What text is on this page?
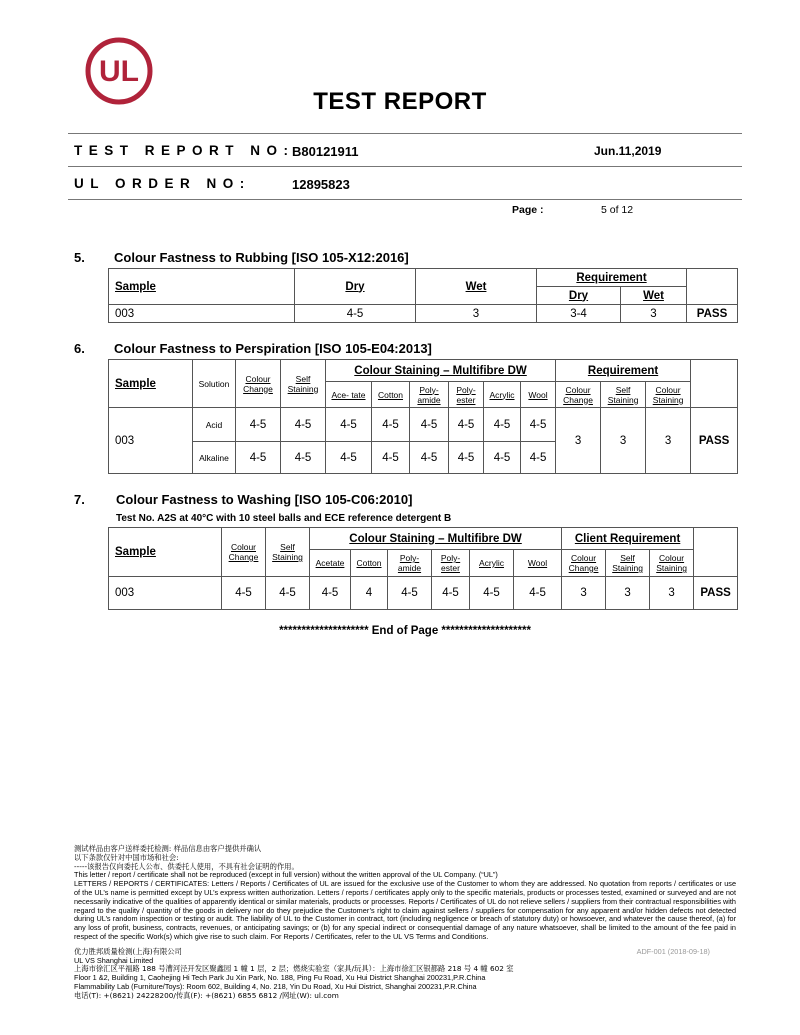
UL
TEST REPORT
TEST REPORT NO:
B80121911	Jun.11,2019
UL ORDER NO:	12895823
Page :	5 of 12
5. Colour Fastness to Rubbing [ISO 105-X12:2016]
Sample	Dry	Wet	Requirement		
			Dry	Wet	
003	4-5	3	3-4	3	PASS
6. Colour Fastness to Perspiration [ISO 105-E04:2013]
Sample	Solution	Colour Change	Self Staining	Colour Staining – Multifibre DW						Requirement			
				Ace- tate	Cotton	Poly- amide	Poly- ester	Acrylic	Wool	Colour Change	Self Staining	Colour Staining	
003	Acid	4-5	4-5	4-5	4-5	4-5	4-5	4-5	4-5	3	3	3	PASS
	Alkaline	4-5	4-5	4-5	4-5	4-5	4-5	4-5	4-5				
7. Colour Fastness to Washing [ISO 105-C06:2010]
Test No. A2S at 40°C with 10 steel balls and ECE reference detergent B
Sample	Colour Change	Self Staining	Colour Staining – Multifibre DW						Client Requirement			
			Acetate	Cotton	Poly- amide	Poly- ester	Acrylic	Wool	Colour Change	Self Staining	Colour Staining	
003	4-5	4-5	4-5	4	4-5	4-5	4-5	4-5	3	3	3	PASS
******************** End of Page ********************
测试样品由客户送样委托检测: 样品信息由客户提供并确认
以下条款仅针对中国市场和社会:
-----该报告仅向委托人公布、供委托人使用，不具有社会证明的作用。
This letter / report / certificate shall not be reproduced (except in full version) without the written approval of the UL Company. (“UL”)
LETTERS / REPORTS / CERTIFICATES: Letters / Reports / Certificates of UL are issued for the exclusive use of the Customer to whom they are addressed. No quotation from reports / certificates or use of the UL’s name is permitted except by UL’s express written authorization. Letters / reports / certificates apply only to the specific materials, products or processes tested, examined or surveyed and are not necessarily indicative of the qualities of apparently identical or similar materials, products or processes. Reports / Certificates of UL do not relieve sellers / suppliers from their contractual responsibilities with regard to the quality / quantity of the goods in delivery nor do they prejudice the Customer’s right to claim against sellers / suppliers for compensation for any apparent and/or hidden defects not detected during UL’s random inspection or testing or audit. The liability of UL to the Customer in contract, tort (including negligence or breach of statutory duty) or howsoever, and whatever the cause thereof, (a) for any loss of profit, business, contracts, revenues, or anticipating savings; or (b) for any special indirect or consequential damage of any nature whatsoever, shall be limited to the amount of the fee paid in respect of the specific Work(s) which give rise to such claim. For Reports / Certificates, refer to the UL VS Terms and Conditions.
优力胜邦质量检测(上海)有限公司	ADF-001 (2018-09-18)
UL VS Shanghai Limited
上海市徐汇区平福路 188 号漕河泾开发区聚鑫园 1 幢 1 层，2 层；燃烧实验室（家具/玩具）：上海市徐汇区银都路 218 号 4 幢 602 室
Floor 1 &2, Building 1, Caohejing Hi Tech Park Ju Xin Park, No. 188, Ping Fu Road, Xu Hui District Shanghai 200231,P.R.China
Flammability Lab (Furniture/Toys): Room 602, Building 4, No. 218, Yin Du Road, Xu Hui District, Shanghai 200231,P.R.China
电话(T): +(8621) 24228200/传真(F): +(8621) 6855 6812 /网址(W): ul.com
